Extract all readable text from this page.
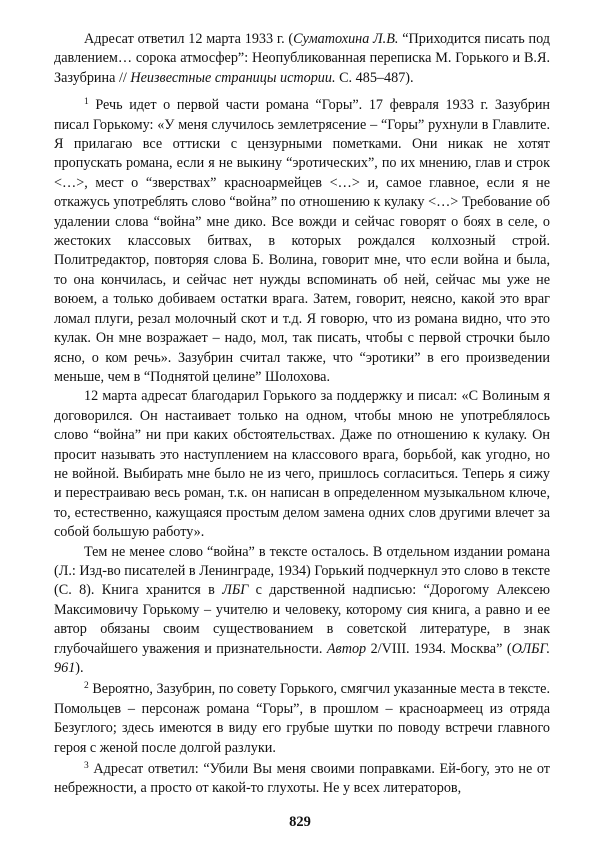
Адресат ответил 12 марта 1933 г. (Суматохина Л.В. “Приходится писать под давлением… сорока атмосфер”: Неопубликованная переписка М. Горького и В.Я. Зазубрина // Неизвестные страницы истории. С. 485–487).

$^1$ Речь идет о первой части романа “Горы”. 17 февраля 1933 г. Зазубрин писал Горькому: «У меня случилось землетрясение – “Горы” рухнули в Главлите. Я прилагаю все оттиски с цензурными пометками. Они никак не хотят пропускать романа, если я не выкину “эротических”, по их мнению, глав и строк <…>, мест о “зверствах” красноармейцев <…> и, самое главное, если я не откажусь употреблять слово “война” по отношению к кулаку <…> Требование об удалении слова “война” мне дико. Все вожди и сейчас говорят о боях в селе, о жестоких классовых битвах, в которых рождался колхозный строй. Политредактор, повторяя слова Б. Волина, говорит мне, что если война и была, то она кончилась, и сейчас нет нужды вспоминать об ней, сейчас мы уже не воюем, а только добиваем остатки врага. Затем, говорит, неясно, какой это враг ломал плуги, резал молочный скот и т.д. Я говорю, что из романа видно, что это кулак. Он мне возражает – надо, мол, так писать, чтобы с первой строчки было ясно, о ком речь». Зазубрин считал также, что “эротики” в его произведении меньше, чем в “Поднятой целине” Шолохова.

12 марта адресат благодарил Горького за поддержку и писал: «С Волиным я договорился. Он настаивает только на одном, чтобы мною не употреблялось слово “война” ни при каких обстоятельствах. Даже по отношению к кулаку. Он просит называть это наступлением на классового врага, борьбой, как угодно, но не войной. Выбирать мне было не из чего, пришлось согласиться. Теперь я сижу и перестраиваю весь роман, т.к. он написан в определенном музыкальном ключе, то, естественно, кажущаяся простым делом замена одних слов другими влечет за собой большую работу».

Тем не менее слово “война” в тексте осталось. В отдельном издании романа (Л.: Изд-во писателей в Ленинграде, 1934) Горький подчеркнул это слово в тексте (С. 8). Книга хранится в ЛБГ с дарственной надписью: “Дорогому Алексею Максимовичу Горькому – учителю и человеку, которому сия книга, а равно и ее автор обязаны своим существованием в советской литературе, в знак глубочайшего уважения и признательности. Автор 2/VIII. 1934. Москва” (ОЛБГ. 961).

$^2$ Вероятно, Зазубрин, по совету Горького, смягчил указанные места в тексте. Помольцев – персонаж романа “Горы”, в прошлом – красноармеец из отряда Безуглого; здесь имеются в виду его грубые шутки по поводу встречи главного героя с женой после долгой разлуки.

$^3$ Адресат ответил: “Убили Вы меня своими поправками. Ей-богу, это не от небрежности, а просто от какой-то глухоты. Не у всех литераторов,

829
